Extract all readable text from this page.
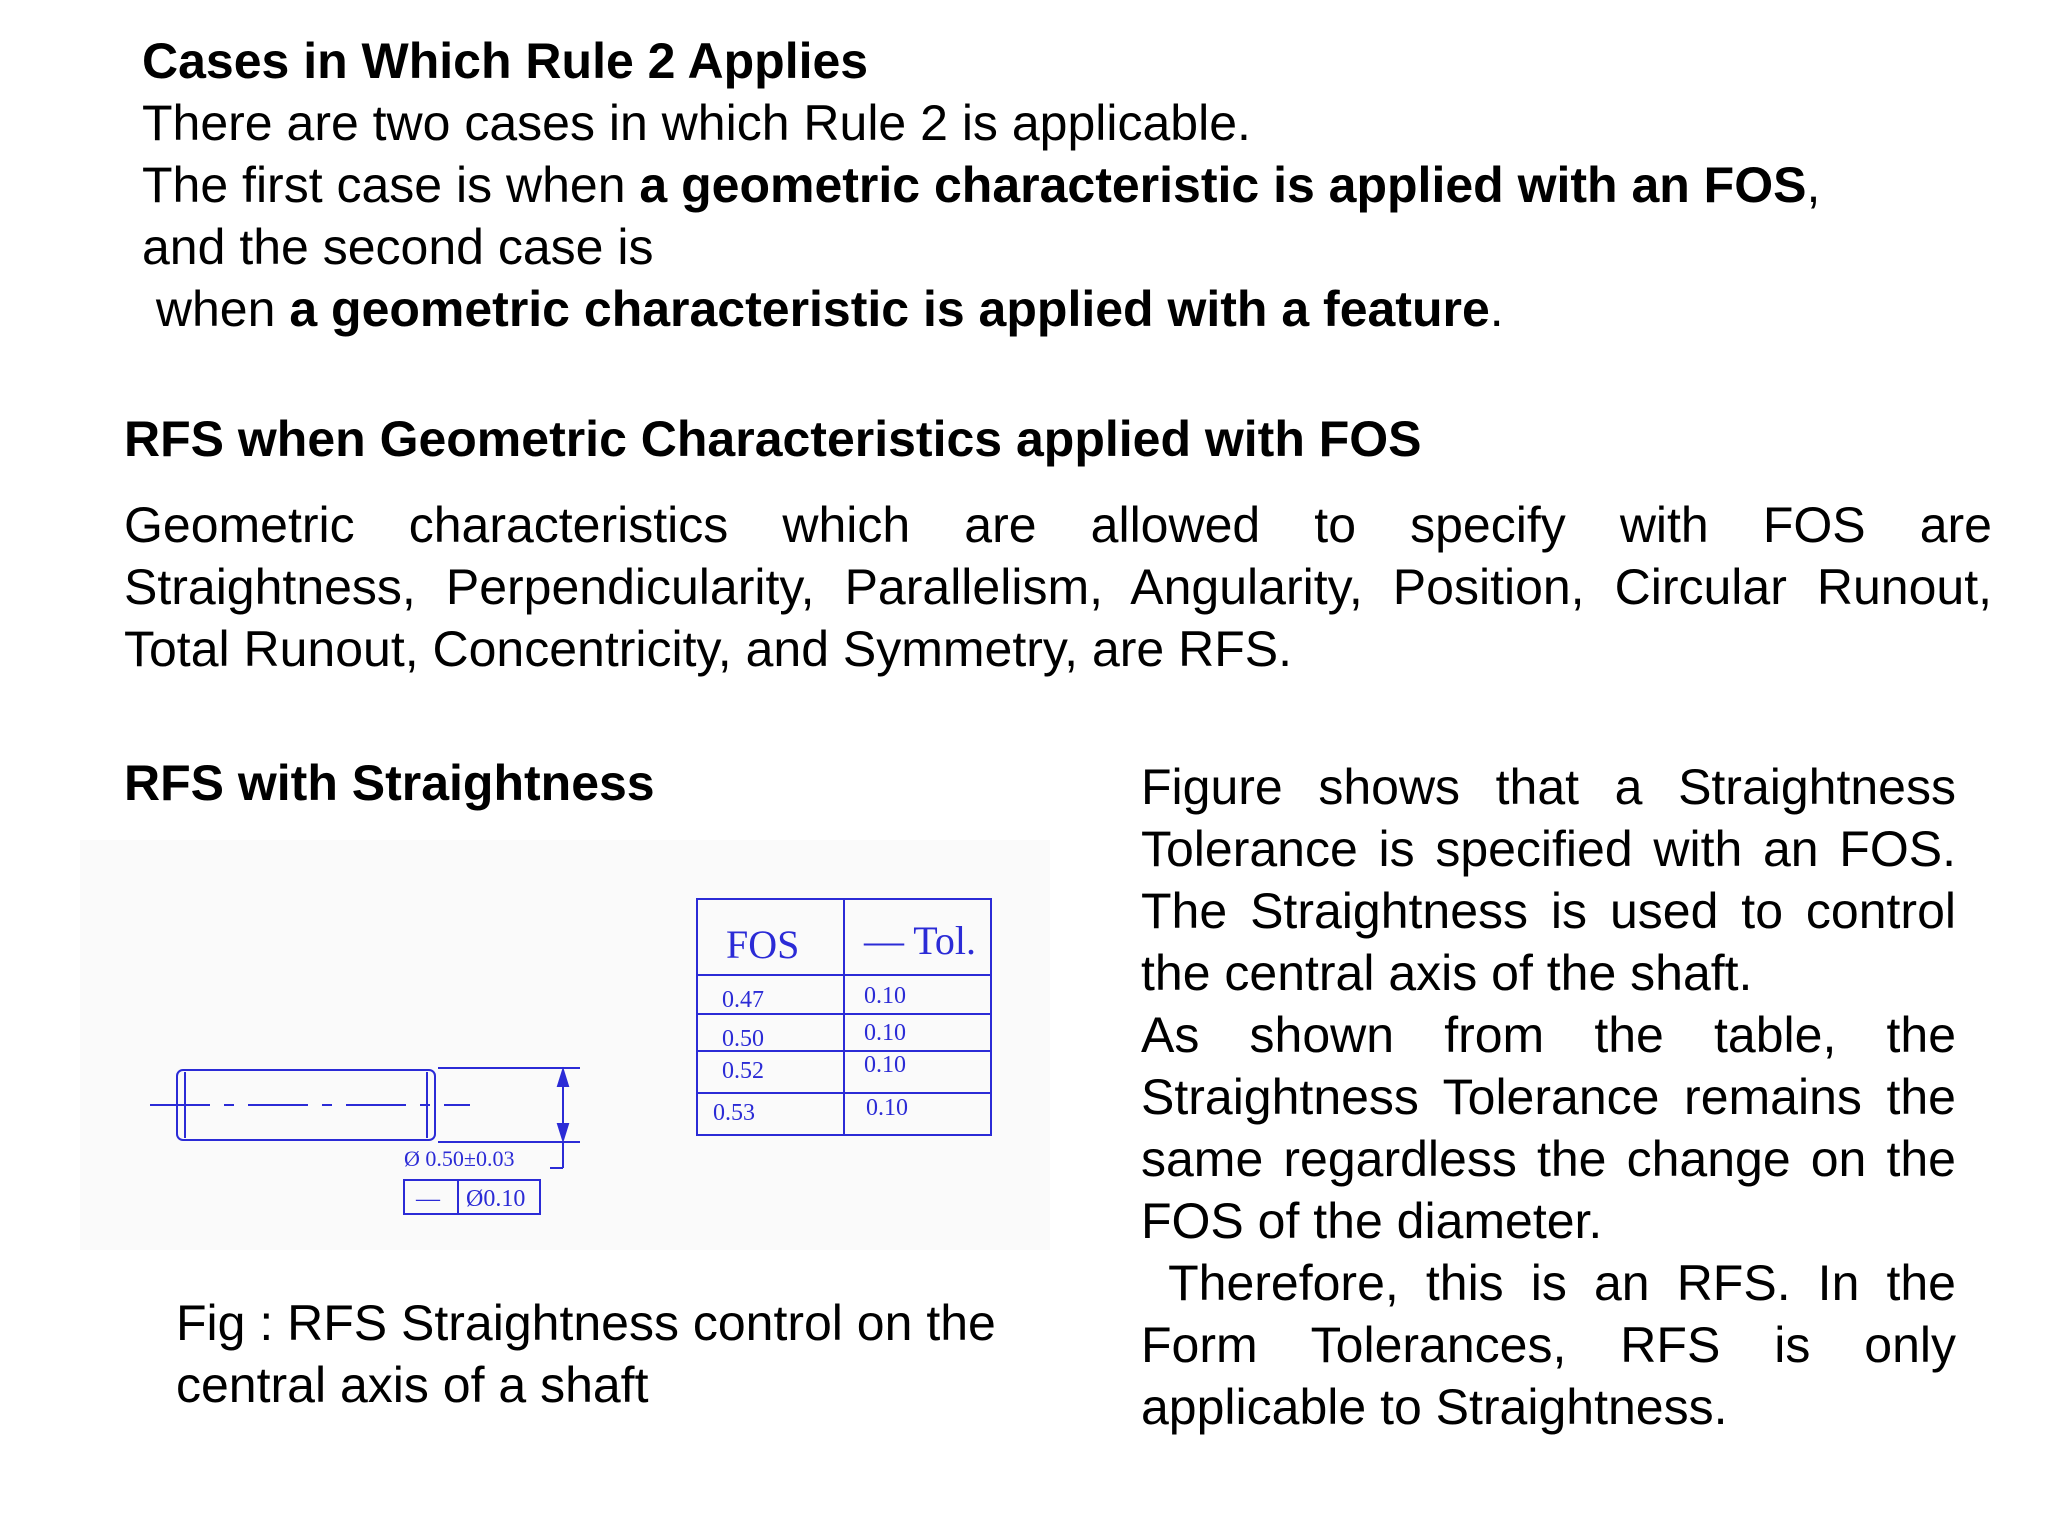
Cases in Which Rule 2 Applies
There are two cases in which Rule 2 is applicable.
The first case is when a geometric characteristic is applied with an FOS,
and the second case is
when a geometric characteristic is applied with a feature.
RFS when Geometric Characteristics applied with FOS
Geometric characteristics which are allowed to specify with FOS are
Straightness, Perpendicularity, Parallelism, Angularity, Position, Circular Runout,
Total Runout, Concentricity, and Symmetry, are RFS.
RFS with Straightness
Ø 0.50±0.03
— Ø0.10
FOS — Tol.
0.47	0.10
0.50	0.10
0.52	0.10
0.53	0.10
Fig : RFS Straightness control on the
central axis of a shaft
Figure shows that a Straightness
Tolerance is specified with an FOS.
The Straightness is used to control
the central axis of the shaft.
As shown from the table, the
Straightness Tolerance remains the
same regardless the change on the
FOS of the diameter.
Therefore, this is an RFS. In the
Form Tolerances, RFS is only
applicable to Straightness.
